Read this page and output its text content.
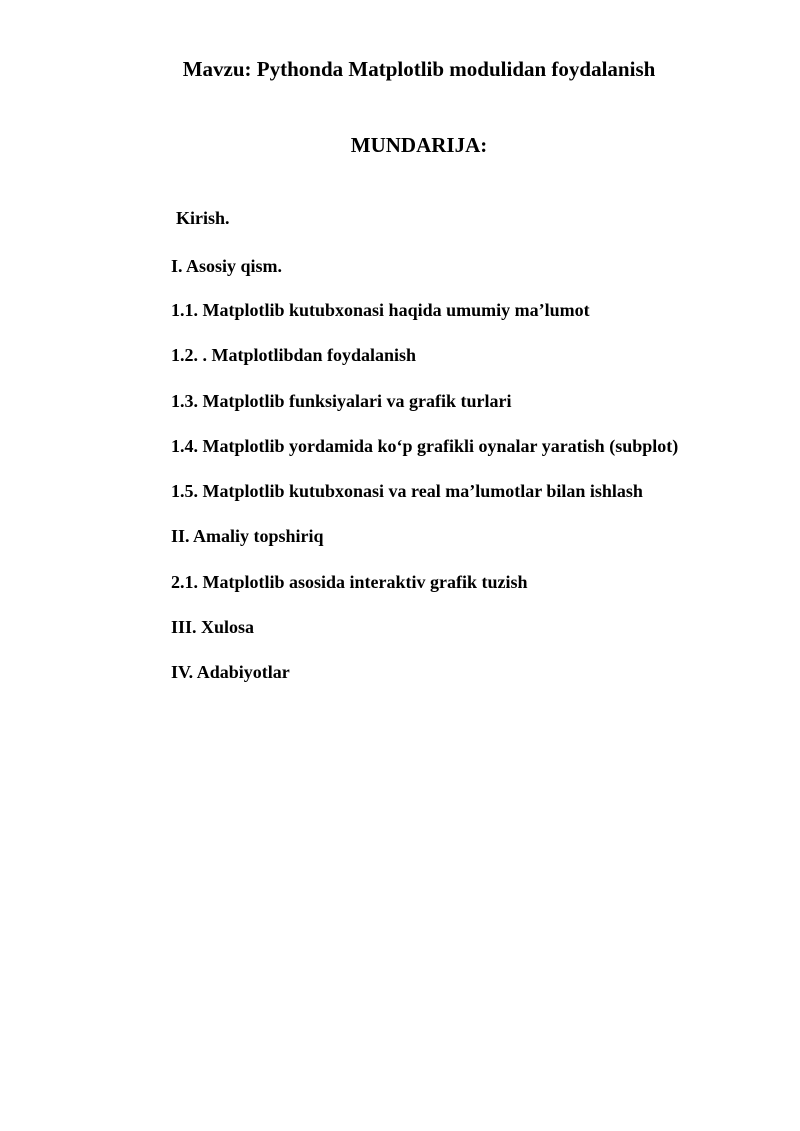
Mavzu: Pythonda Matplotlib modulidan foydalanish
MUNDARIJA:
Kirish.
I. Asosiy qism.
1.1. Matplotlib kutubxonasi haqida umumiy ma’lumot
1.2. . Matplotlibdan foydalanish
1.3. Matplotlib funksiyalari va grafik turlari
1.4. Matplotlib yordamida ko‘p grafikli oynalar yaratish (subplot)
1.5. Matplotlib kutubxonasi va real ma’lumotlar bilan ishlash
II. Amaliy topshiriq
2.1. Matplotlib asosida interaktiv grafik tuzish
III. Xulosa
IV. Adabiyotlar
